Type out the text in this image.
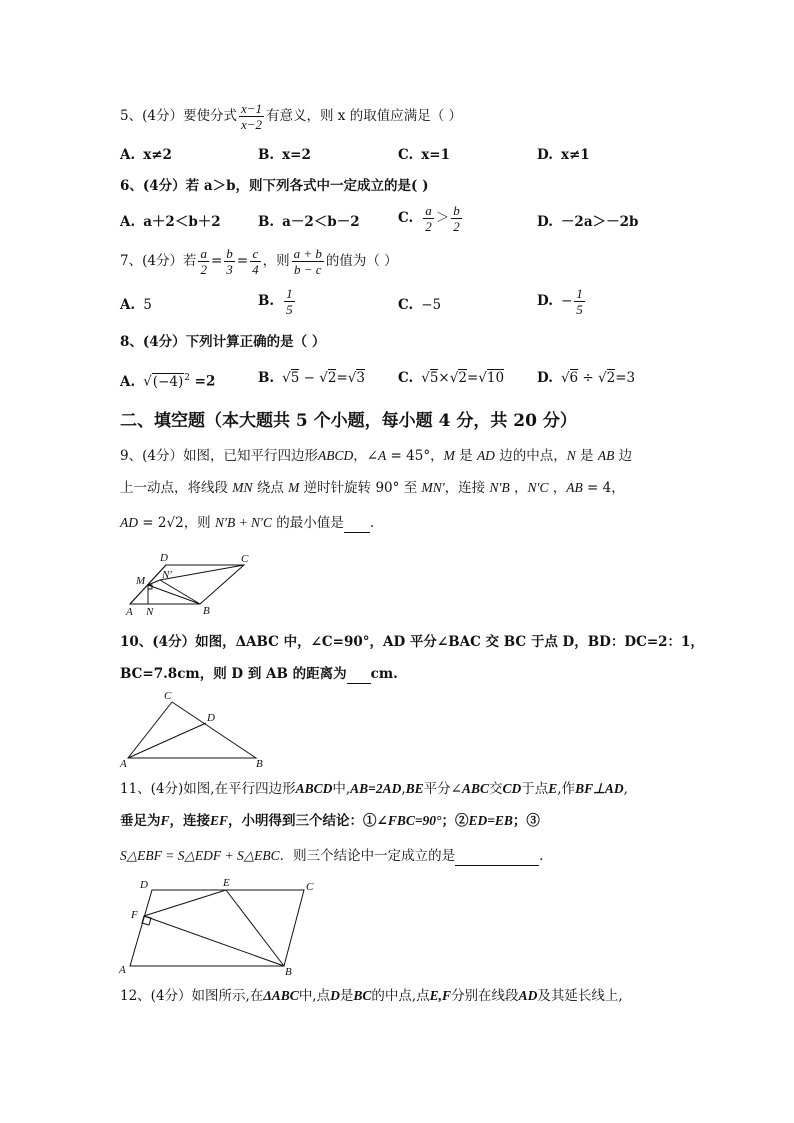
5、(4分）要使分式 $\frac{x-1}{x-2}$ 有意义，则 x 的取值应满足（ ）
A. x≠2	B. x=2	C. x=1	D. x≠1
6、(4分）若 a＞b，则下列各式中一定成立的是( )
A. a＋2＜b＋2	B. a－2＜b－2	C. $\frac{a}{2} > \frac{b}{2}$	D. －2a＞－2b
7、(4分）若 $\frac{a}{2} = \frac{b}{3} = \frac{c}{4}$ ，则 $\frac{a + b}{b - c}$ 的值为（ ）
A. 5	B. $\frac{1}{5}$	C. −5	D. − $\frac{1}{5}$
8、(4分）下列计算正确的是（ ）
A. $√(-4)^2 =2$	B. √5 − √2=√3 C. √5×√2=√10 D. √6 ÷ √2=3
二、填空题（本大题共 5 个小题，每小题 4 分，共 20 分）
9、(4分）如图，已知平行四边形ABCD，∠A = 45°，M 是 AD 边的中点，N 是 AB 边
上一动点，将线段 MN 绕点 M 逆时针旋转 90° 至 MN′，连接 N′B ，N′C ，AB = 4，
AD = 2√2，则 N′B + N′C 的最小值是 .
D	C
M N′
A N	B
10、(4分）如图，ΔABC 中，∠C=90°，AD 平分∠BAC 交 BC 于点 D，BD：DC=2：1，
BC=7.8cm，则 D 到 AB 的距离为 cm.
C
D
A	B
11、(4分)如图,在平行四边形ABCD中,AB=2AD,BE平分∠ABC交CD于点E,作BF⊥AD,
垂足为F，连接EF，小明得到三个结论：①∠FBC=90°；②ED=EB；③
S△EBF = S△EDF + S△EBC．则三个结论中一定成立的是	.
D	E	C
F
A	B
12、(4分）如图所示,在ΔABC中,点D是BC的中点,点E,F分别在线段AD及其延长线上,
